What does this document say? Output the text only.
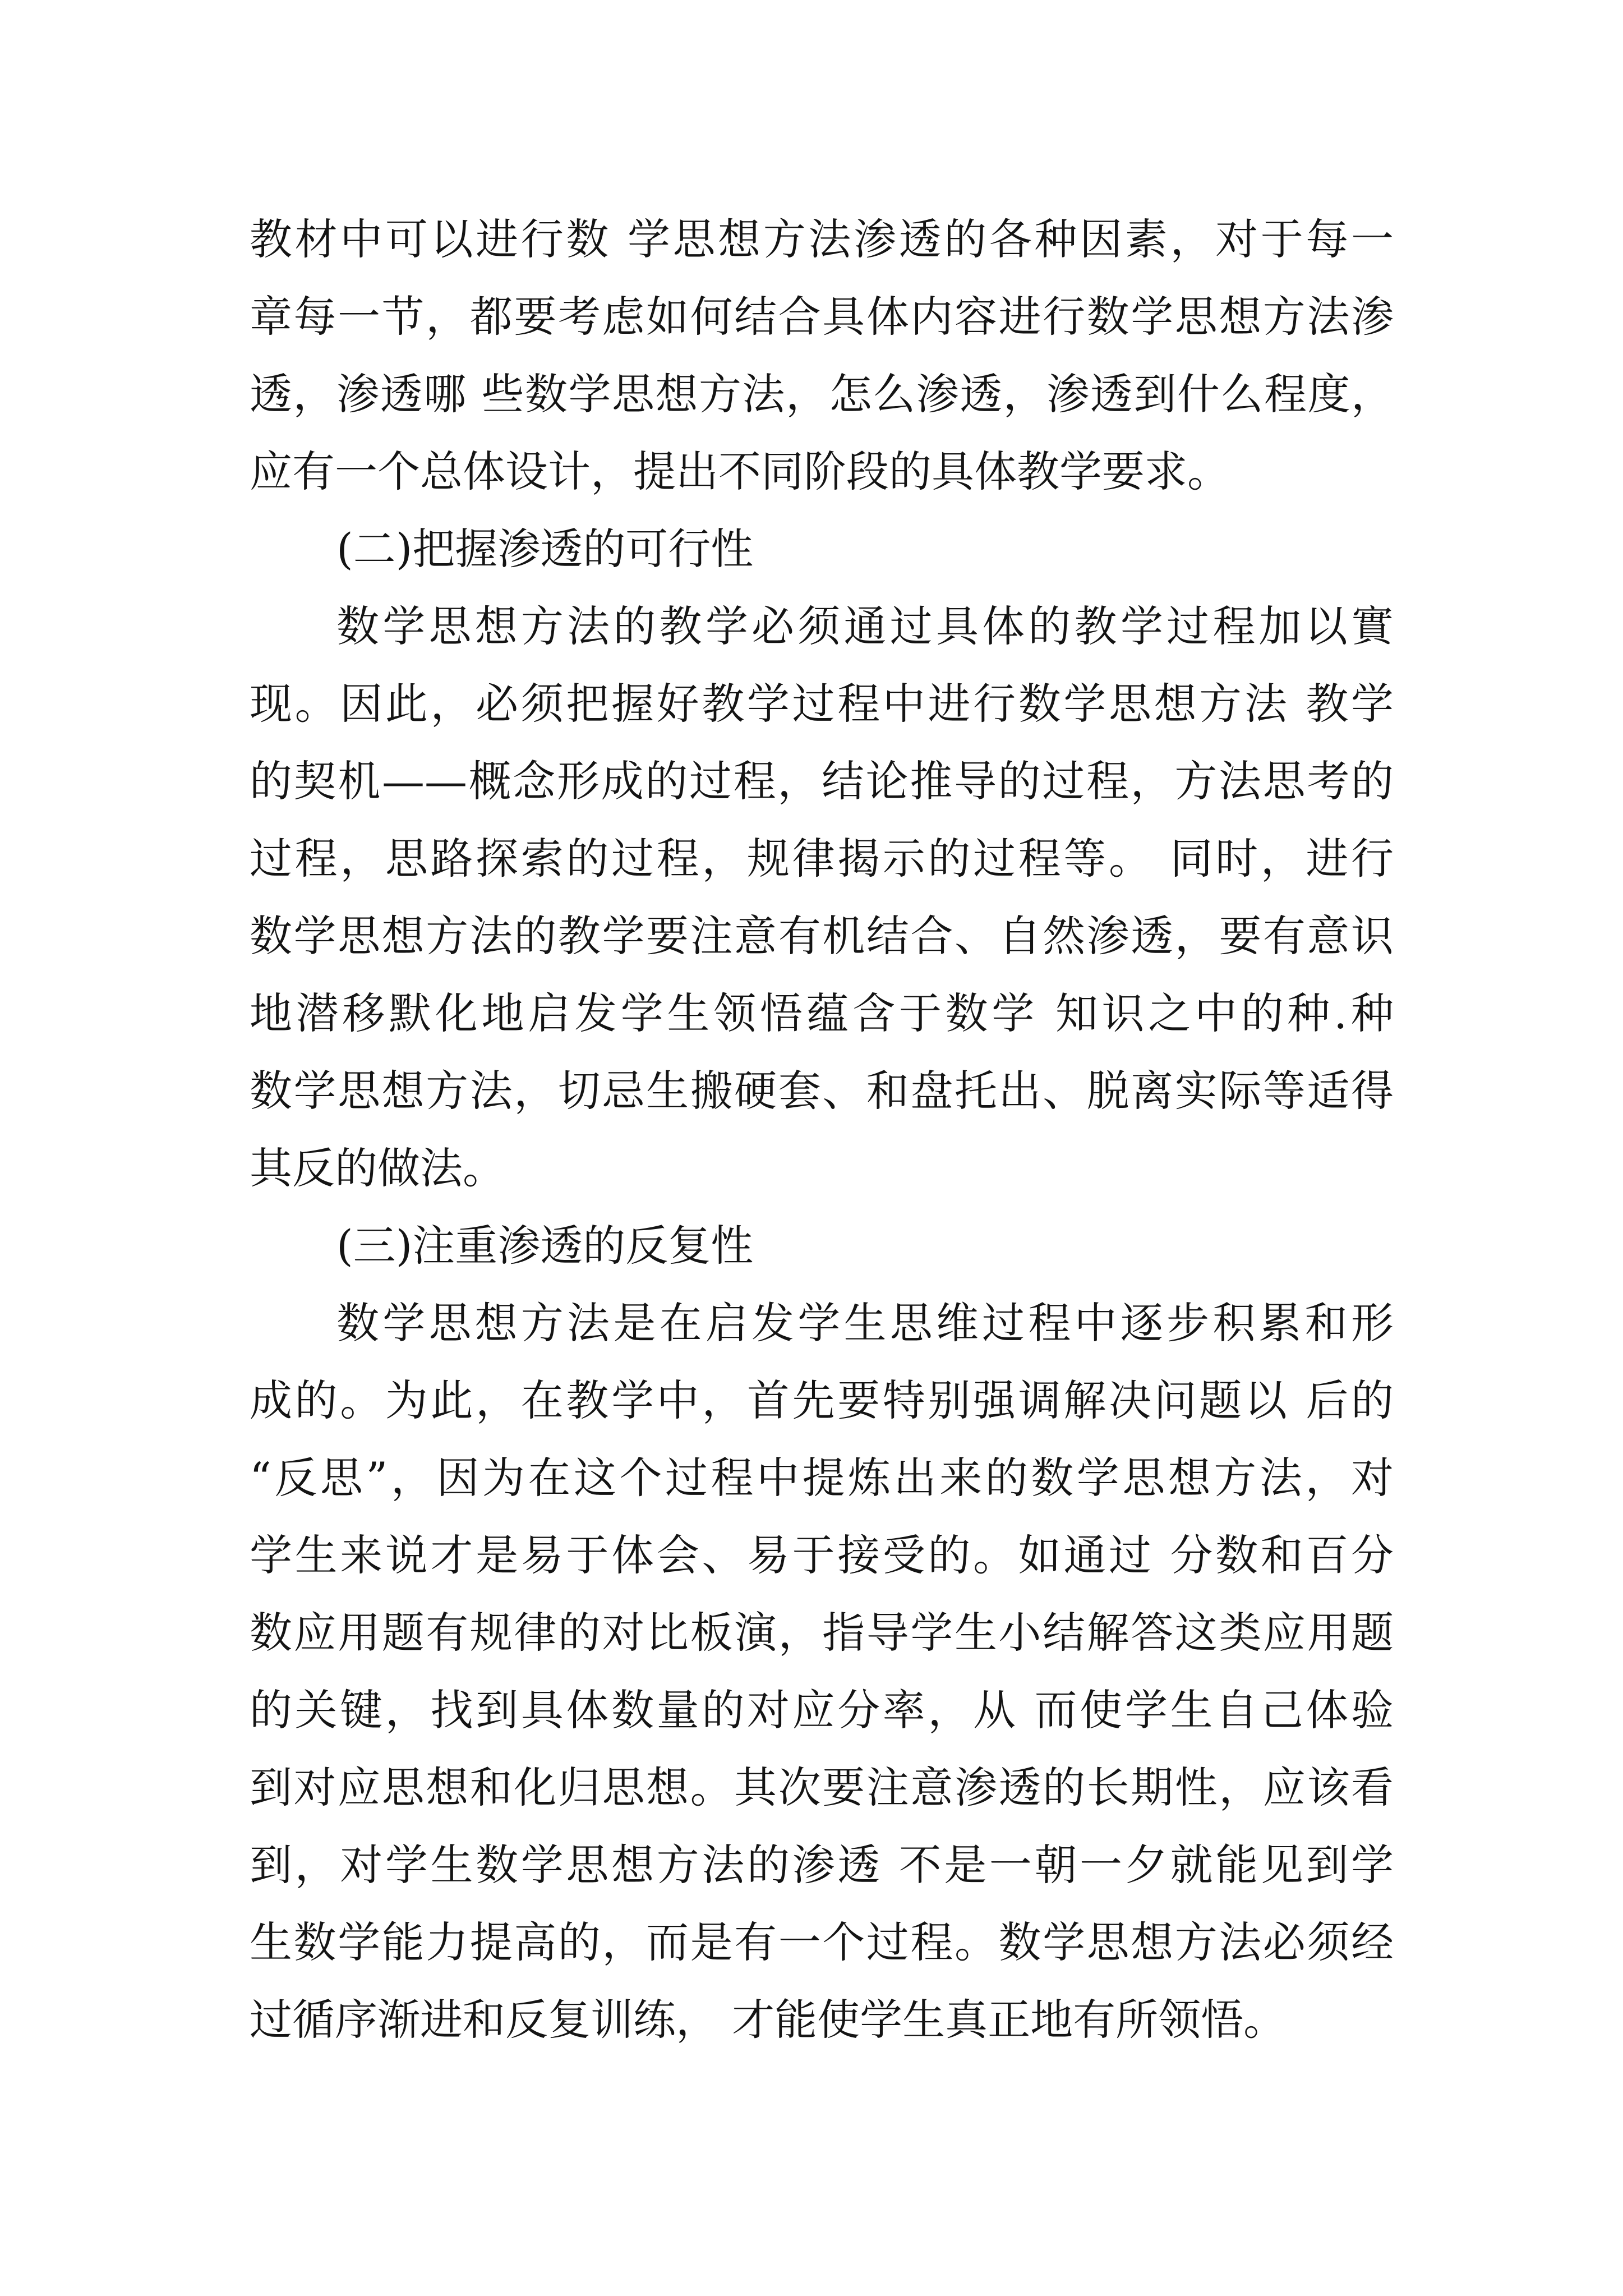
教材中可以进行数 学思想方法渗透的各种因素，对于每一
章每一节，都要考虑如何结合具体内容进行数学思想方法渗
透，渗透哪 些数学思想方法，怎么渗透，渗透到什么程度，
应有一个总体设计，提出不同阶段的具体教学要求。
(二)把握渗透的可行性
数学思想方法的教学必须通过具体的教学过程加以實
现。因此，必须把握好教学过程中进行数学思想方法 教学
的契机——概念形成的过程，结论推导的过程，方法思考的
过程，思路探索的过程，规律揭示的过程等。 同时，进行
数学思想方法的教学要注意有机结合、自然渗透，要有意识
地潜移默化地启发学生领悟蕴含于数学 知识之中的种.种
数学思想方法，切忌生搬硬套、和盘托出、脱离实际等适得
其反的做法。
(三)注重渗透的反复性
数学思想方法是在启发学生思维过程中逐步积累和形
成的。为此，在教学中，首先要特别强调解决问题以 后的
“反思”，因为在这个过程中提炼出来的数学思想方法，对
学生来说才是易于体会、易于接受的。如通过 分数和百分
数应用题有规律的对比板演，指导学生小结解答这类应用题
的关键，找到具体数量的对应分率，从 而使学生自己体验
到对应思想和化归思想。其次要注意渗透的长期性，应该看
到，对学生数学思想方法的渗透 不是一朝一夕就能见到学
生数学能力提高的，而是有一个过程。数学思想方法必须经
过循序渐进和反复训练， 才能使学生真正地有所领悟。
